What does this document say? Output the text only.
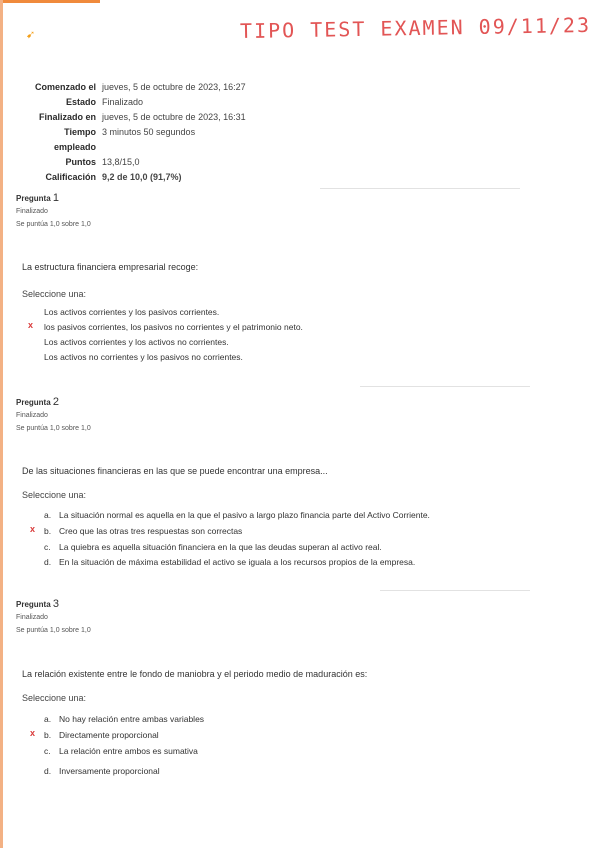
➹	TIPO TEST EXAMEN 09/11/23
Comenzado el jueves, 5 de octubre de 2023, 16:27
Estado Finalizado
Finalizado en jueves, 5 de octubre de 2023, 16:31
Tiempo 3 minutos 50 segundos
empleado
Puntos 13,8/15,0
Calificación 9,2 de 10,0 (91,7%)
Pregunta 1
Finalizado
Se puntúa 1,0 sobre 1,0
La estructura financiera empresarial recoge:
Seleccione una:
Los activos corrientes y los pasivos corrientes.
x los pasivos corrientes, los pasivos no corrientes y el patrimonio neto.
Los activos corrientes y los activos no corrientes.
Los activos no corrientes y los pasivos no corrientes.
Pregunta 2
Finalizado
Se puntúa 1,0 sobre 1,0
De las situaciones financieras en las que se puede encontrar una empresa...
Seleccione una:
a. La situación normal es aquella en la que el pasivo a largo plazo financia parte del Activo Corriente.
x b. Creo que las otras tres respuestas son correctas
c. La quiebra es aquella situación financiera en la que las deudas superan al activo real.
d. En la situación de máxima estabilidad el activo se iguala a los recursos propios de la empresa.
Pregunta 3
Finalizado
Se puntúa 1,0 sobre 1,0
La relación existente entre le fondo de maniobra y el periodo medio de maduración es:
Seleccione una:
a. No hay relación entre ambas variables
x b. Directamente proporcional
c. La relación entre ambos es sumativa
d. Inversamente proporcional
